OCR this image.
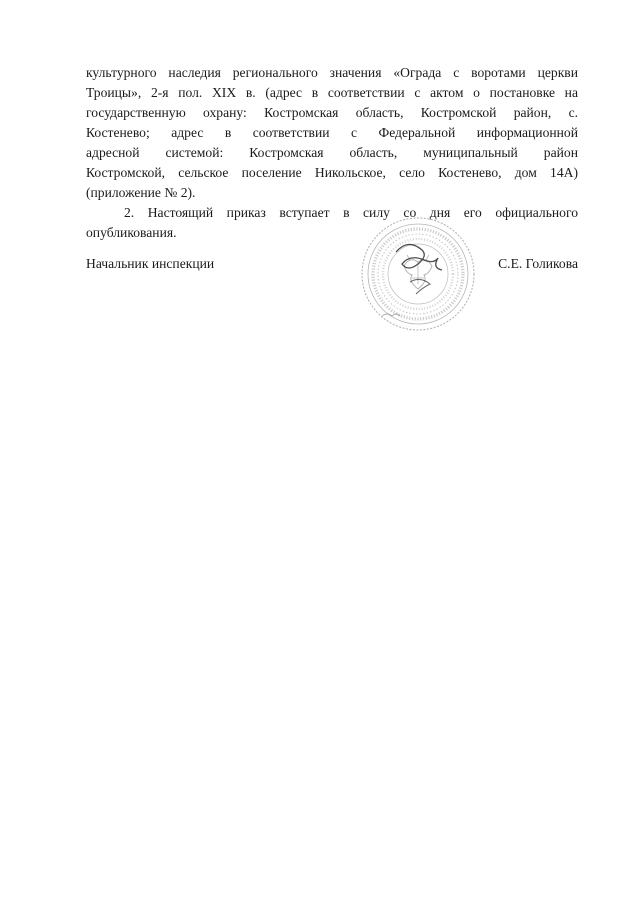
культурного наследия регионального значения «Ограда с воротами церкви
Троицы», 2-я пол. XIX в. (адрес в соответствии с актом о постановке на
государственную охрану: Костромская область, Костромской район, с.
Костенево; адрес в соответствии с Федеральной информационной
адресной системой: Костромская область, муниципальный район
Костромской, сельское поселение Никольское, село Костенево, дом 14А)
(приложение № 2).
2. Настоящий приказ вступает в силу со дня его официального
опубликования.
Начальник инспекции	С.Е. Голикова
